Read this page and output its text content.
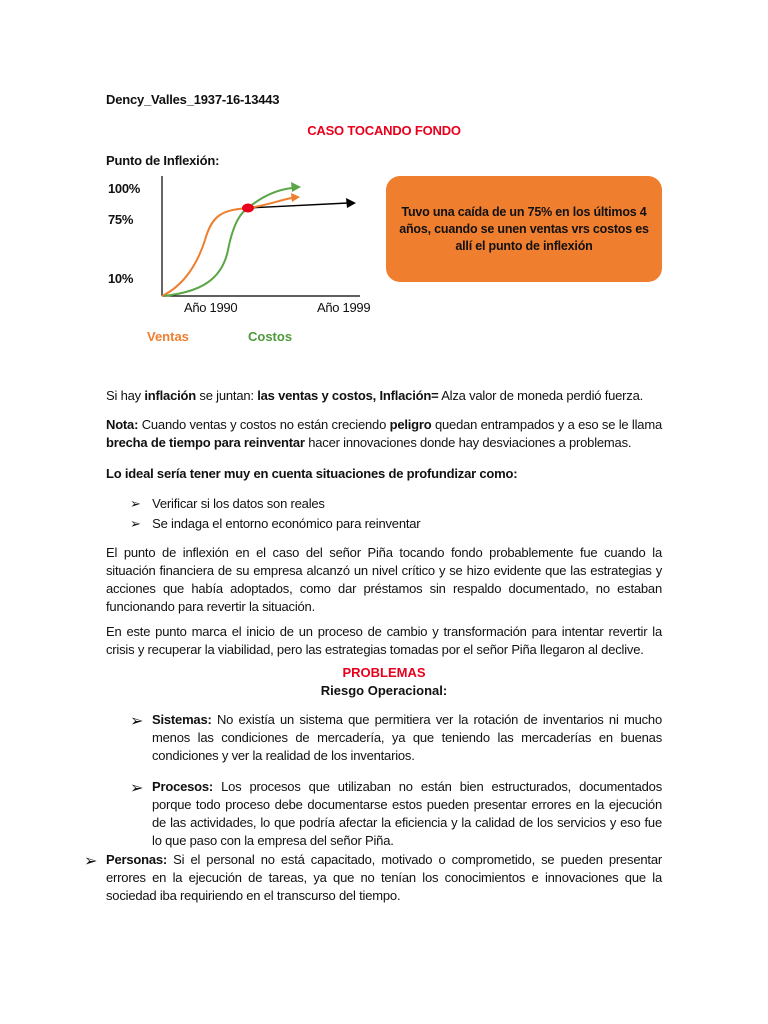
Dency_Valles_1937-16-13443
CASO TOCANDO FONDO
Punto de Inflexión:
100%
75%
10%
Año 1990	Año 1999
Ventas	Costos
Tuvo una caída de un 75% en los últimos 4 años, cuando se unen ventas vrs costos es allí el punto de inflexión
Si hay inflación se juntan: las ventas y costos, Inflación= Alza valor de moneda perdió fuerza.
Nota: Cuando ventas y costos no están creciendo peligro quedan entrampados y a eso se le llama brecha de tiempo para reinventar hacer innovaciones donde hay desviaciones a problemas.
Lo ideal sería tener muy en cuenta situaciones de profundizar como:
➢ Verificar si los datos son reales
➢ Se indaga el entorno económico para reinventar
El punto de inflexión en el caso del señor Piña tocando fondo probablemente fue cuando la situación financiera de su empresa alcanzó un nivel crítico y se hizo evidente que las estrategias y acciones que había adoptados, como dar préstamos sin respaldo documentado, no estaban funcionando para revertir la situación.
En este punto marca el inicio de un proceso de cambio y transformación para intentar revertir la crisis y recuperar la viabilidad, pero las estrategias tomadas por el señor Piña llegaron al declive.
PROBLEMAS
Riesgo Operacional:
➢ Sistemas: No existía un sistema que permitiera ver la rotación de inventarios ni mucho menos las condiciones de mercadería, ya que teniendo las mercaderías en buenas condiciones y ver la realidad de los inventarios.
➢ Procesos: Los procesos que utilizaban no están bien estructurados, documentados porque todo proceso debe documentarse estos pueden presentar errores en la ejecución de las actividades, lo que podría afectar la eficiencia y la calidad de los servicios y eso fue lo que paso con la empresa del señor Piña.
➢ Personas: Si el personal no está capacitado, motivado o comprometido, se pueden presentar errores en la ejecución de tareas, ya que no tenían los conocimientos e innovaciones que la sociedad iba requiriendo en el transcurso del tiempo.
